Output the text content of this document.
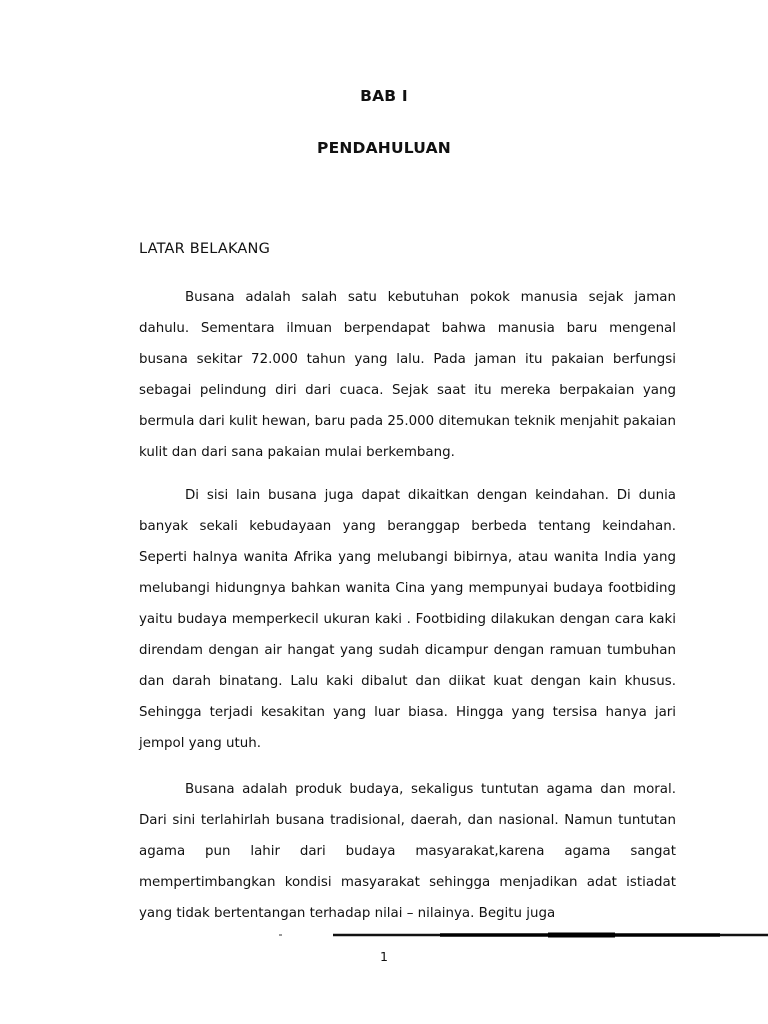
BAB I
PENDAHULUAN
LATAR BELAKANG

Busana adalah salah satu kebutuhan pokok manusia sejak jaman dahulu. Sementara ilmuan berpendapat bahwa manusia baru mengenal busana sekitar 72.000 tahun yang lalu. Pada jaman itu pakaian berfungsi sebagai pelindung diri dari cuaca. Sejak saat itu mereka berpakaian yang bermula dari kulit hewan, baru pada 25.000 ditemukan teknik menjahit pakaian kulit dan dari sana pakaian mulai berkembang.

Di sisi lain busana juga dapat dikaitkan dengan keindahan. Di dunia banyak sekali kebudayaan yang beranggap berbeda tentang keindahan. Seperti halnya wanita Afrika yang melubangi bibirnya, atau wanita India yang melubangi hidungnya bahkan wanita Cina yang mempunyai budaya footbiding yaitu budaya memperkecil ukuran kaki . Footbiding dilakukan dengan cara kaki direndam dengan air hangat yang sudah dicampur dengan ramuan tumbuhan dan darah binatang. Lalu kaki dibalut dan diikat kuat dengan kain khusus. Sehingga terjadi kesakitan yang luar biasa. Hingga yang tersisa hanya jari jempol yang utuh.

Busana adalah produk budaya, sekaligus tuntutan agama dan moral. Dari sini terlahirlah busana tradisional, daerah, dan nasional. Namun tuntutan agama pun lahir dari budaya masyarakat,karena agama sangat mempertimbangkan kondisi masyarakat sehingga menjadikan adat istiadat yang tidak bertentangan terhadap nilai – nilainya. Begitu juga

1
